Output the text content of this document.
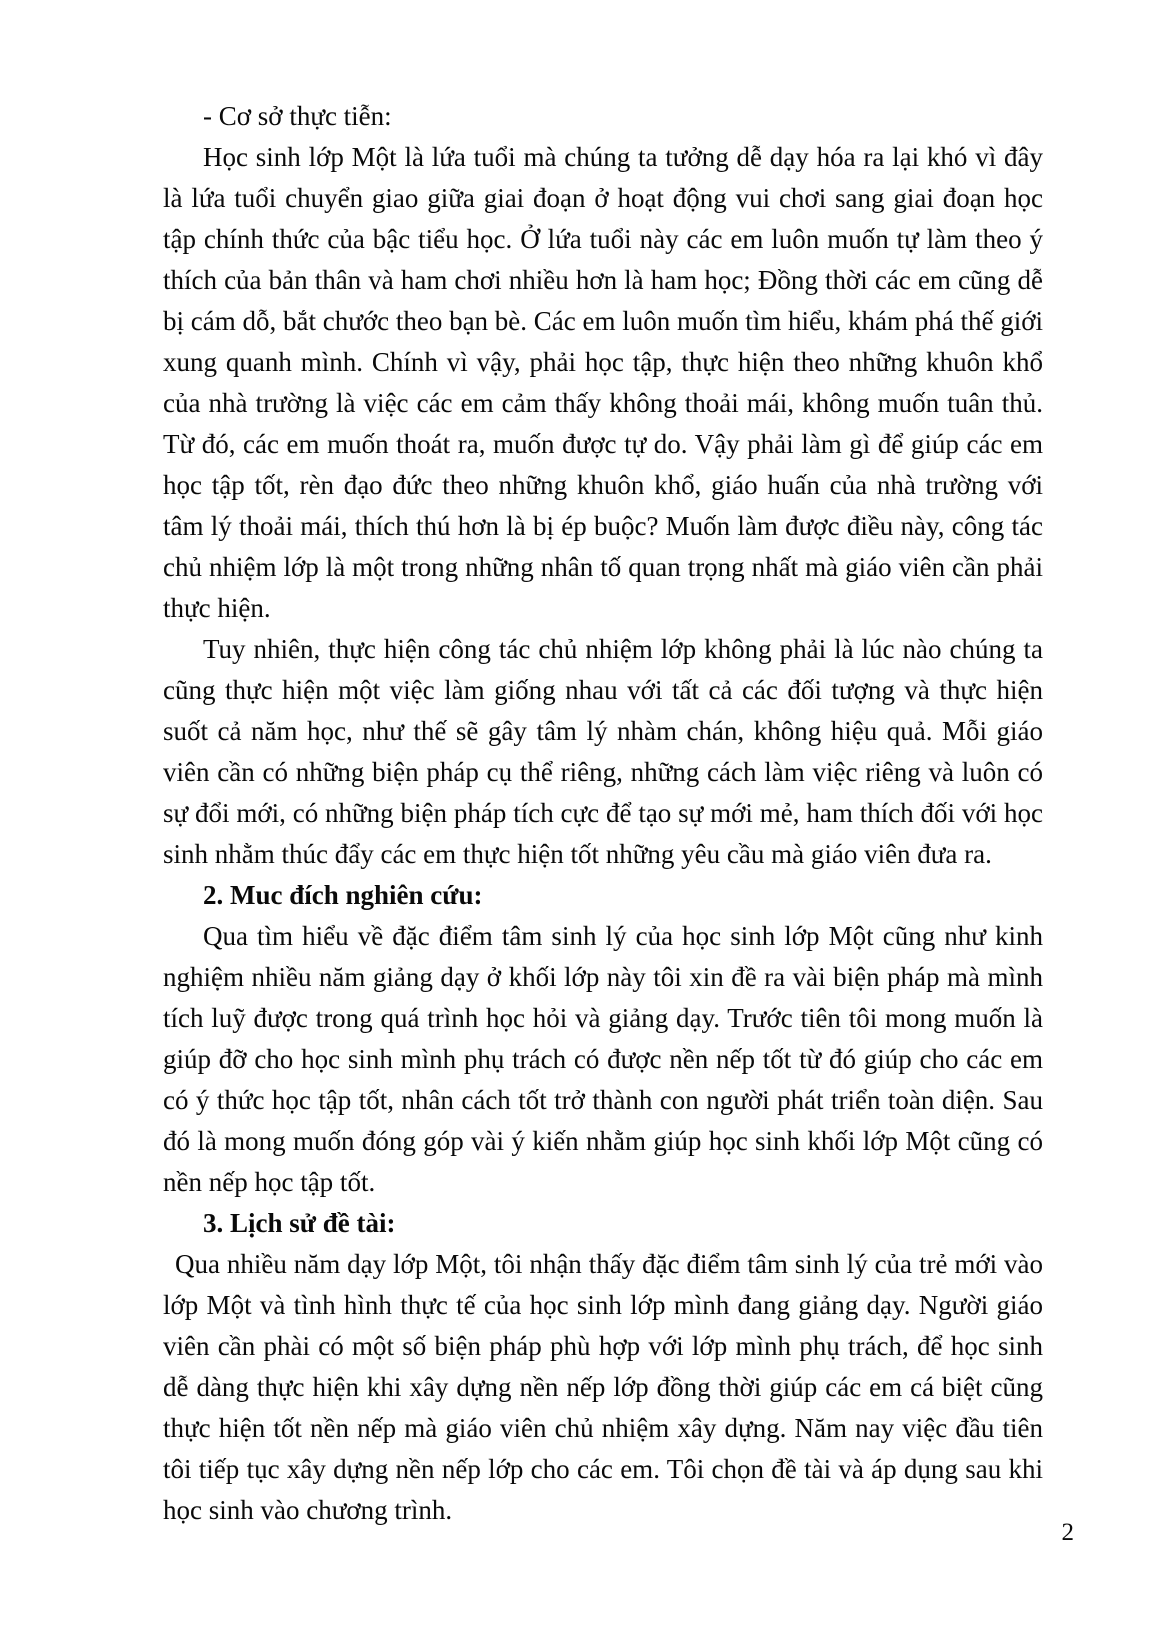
- Cơ sở thực tiễn:

Học sinh lớp Một là lứa tuổi mà chúng ta tưởng dễ dạy hóa ra lại khó vì đây là lứa tuổi chuyển giao giữa giai đoạn ở hoạt động vui chơi sang giai đoạn học tập chính thức của bậc tiểu học. Ở lứa tuổi này các em luôn muốn tự làm theo ý thích của bản thân và ham chơi nhiều hơn là ham học; Đồng thời các em cũng dễ bị cám dỗ, bắt chước theo bạn bè. Các em luôn muốn tìm hiểu, khám phá thế giới xung quanh mình. Chính vì vậy, phải học tập, thực hiện theo những khuôn khổ của nhà trường là việc các em cảm thấy không thoải mái, không muốn tuân thủ. Từ đó, các em muốn thoát ra, muốn được tự do. Vậy phải làm gì để giúp các em học tập tốt, rèn đạo đức theo những khuôn khổ, giáo huấn của nhà trường với tâm lý thoải mái, thích thú hơn là bị ép buộc? Muốn làm được điều này, công tác chủ nhiệm lớp là một trong những nhân tố quan trọng nhất mà giáo viên cần phải thực hiện.

Tuy nhiên, thực hiện công tác chủ nhiệm lớp không phải là lúc nào chúng ta cũng thực hiện một việc làm giống nhau với tất cả các đối tượng và thực hiện suốt cả năm học, như thế sẽ gây tâm lý nhàm chán, không hiệu quả. Mỗi giáo viên cần có những biện pháp cụ thể riêng, những cách làm việc riêng và luôn có sự đổi mới, có những biện pháp tích cực để tạo sự mới mẻ, ham thích đối với học sinh nhằm thúc đẩy các em thực hiện tốt những yêu cầu mà giáo viên đưa ra.

2. Muc đích nghiên cứu:

Qua tìm hiểu về đặc điểm tâm sinh lý của học sinh lớp Một cũng như kinh nghiệm nhiều năm giảng dạy ở khối lớp này tôi xin đề ra vài biện pháp mà mình tích luỹ được trong quá trình học hỏi và giảng dạy. Trước tiên tôi mong muốn là giúp đỡ cho học sinh mình phụ trách có được nền nếp tốt từ đó giúp cho các em có ý thức học tập tốt, nhân cách tốt trở thành con người phát triển toàn diện. Sau đó là mong muốn đóng góp vài ý kiến nhằm giúp học sinh khối lớp Một cũng có nền nếp học tập tốt.

3. Lịch sử đề tài:

Qua nhiều năm dạy lớp Một, tôi nhận thấy đặc điểm tâm sinh lý của trẻ mới vào lớp Một và tình hình thực tế của học sinh lớp mình đang giảng dạy. Người giáo viên cần phài có một số biện pháp phù hợp với lớp mình phụ trách, để học sinh dễ dàng thực hiện khi xây dựng nền nếp lớp đồng thời giúp các em cá biệt cũng thực hiện tốt nền nếp mà giáo viên chủ nhiệm xây dựng. Năm nay việc đầu tiên tôi tiếp tục xây dựng nền nếp lớp cho các em. Tôi chọn đề tài và áp dụng sau khi học sinh vào chương trình.

2
